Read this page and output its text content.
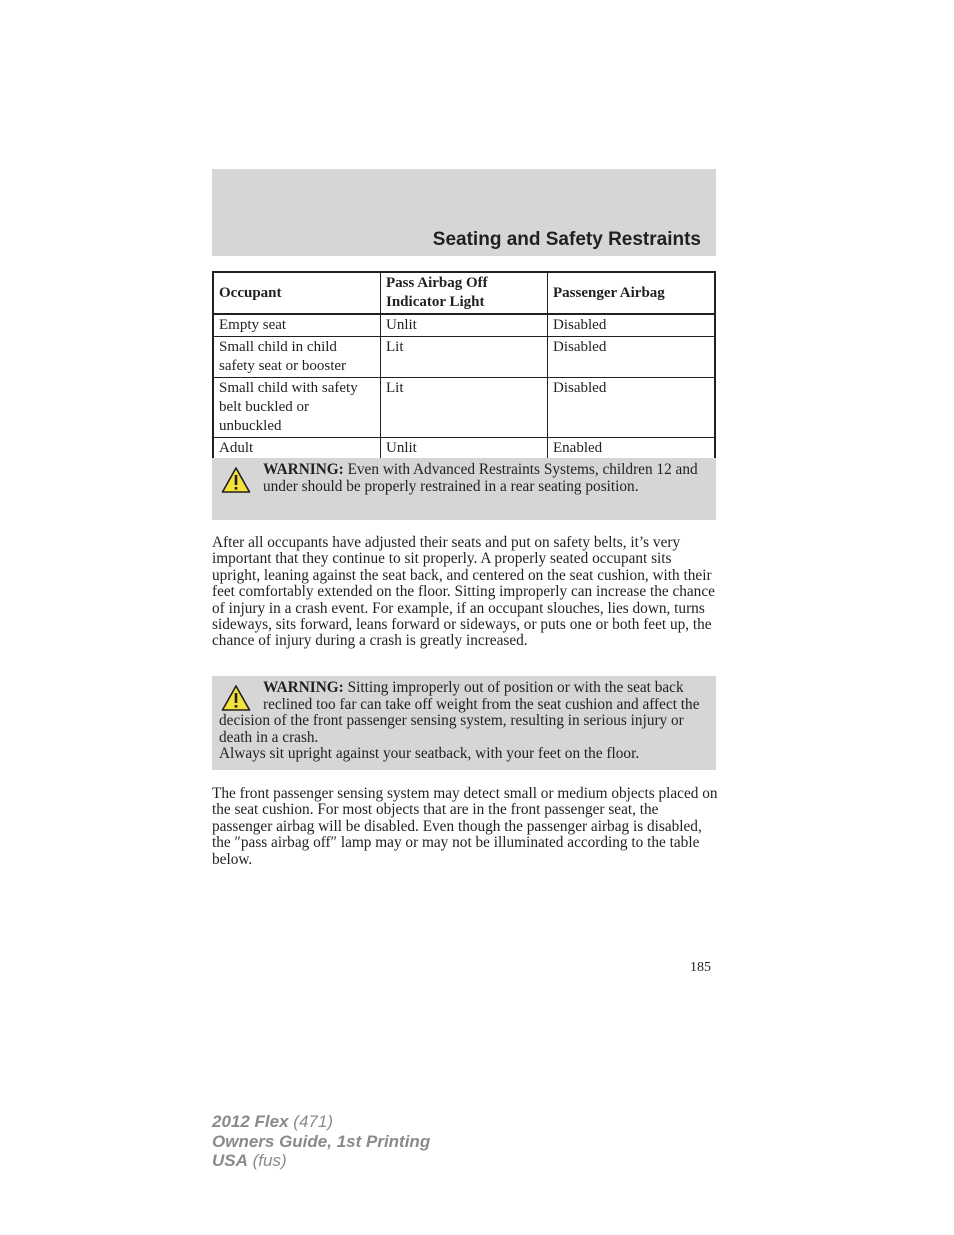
Seating and Safety Restraints
Occupant	Pass Airbag Off Indicator Light	Passenger Airbag
Empty seat	Unlit	Disabled
Small child in child safety seat or booster	Lit	Disabled
Small child with safety belt buckled or unbuckled	Lit	Disabled
Adult	Unlit	Enabled
WARNING: Even with Advanced Restraints Systems, children 12 and under should be properly restrained in a rear seating position.

After all occupants have adjusted their seats and put on safety belts, it’s very important that they continue to sit properly. A properly seated occupant sits upright, leaning against the seat back, and centered on the seat cushion, with their feet comfortably extended on the floor. Sitting improperly can increase the chance of injury in a crash event. For example, if an occupant slouches, lies down, turns sideways, sits forward, leans forward or sideways, or puts one or both feet up, the chance of injury during a crash is greatly increased.

WARNING: Sitting improperly out of position or with the seat back reclined too far can take off weight from the seat cushion and affect the decision of the front passenger sensing system, resulting in serious injury or death in a crash.
Always sit upright against your seatback, with your feet on the floor.

The front passenger sensing system may detect small or medium objects placed on the seat cushion. For most objects that are in the front passenger seat, the passenger airbag will be disabled. Even though the passenger airbag is disabled, the ″pass airbag off″ lamp may or may not be illuminated according to the table below.

185

2012 Flex (471)
Owners Guide, 1st Printing
USA (fus)
